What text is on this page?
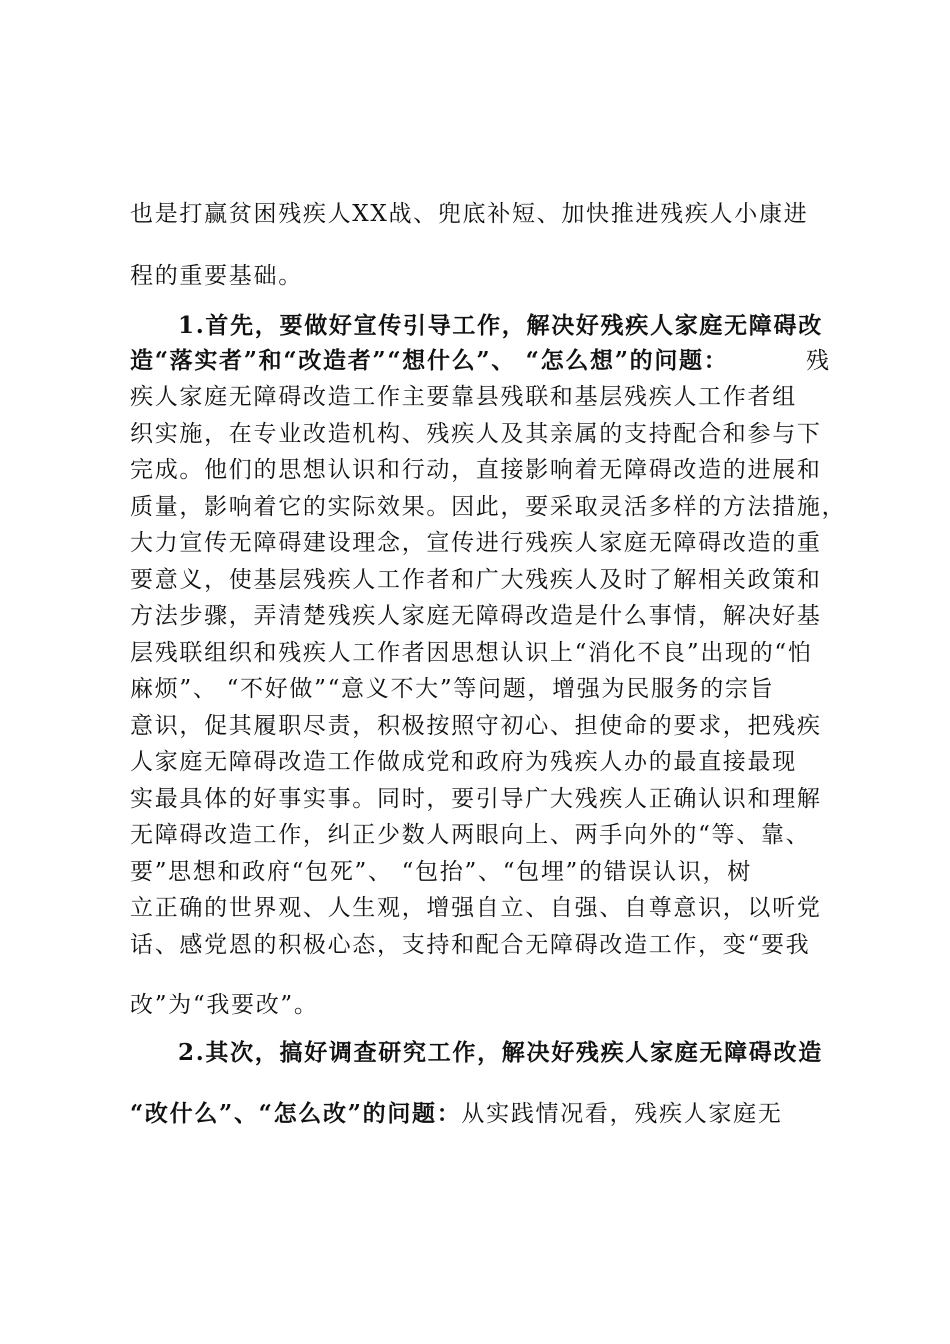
也是打赢贫困残疾人XX战、兜底补短、加快推进残疾人小康进
程的重要基础。
1.首先，要做好宣传引导工作，解决好残疾人家庭无障碍改
造“落实者”和“改造者”“想什么”、 “怎么想”的问题：	残
疾人家庭无障碍改造工作主要靠县残联和基层残疾人工作者组
织实施，在专业改造机构、残疾人及其亲属的支持配合和参与下
完成。他们的思想认识和行动，直接影响着无障碍改造的进展和
质量，影响着它的实际效果。因此，要采取灵活多样的方法措施，
大力宣传无障碍建设理念，宣传进行残疾人家庭无障碍改造的重
要意义，使基层残疾人工作者和广大残疾人及时了解相关政策和
方法步骤，弄清楚残疾人家庭无障碍改造是什么事情，解决好基
层残联组织和残疾人工作者因思想认识上“消化不良”出现的“怕
麻烦”、 “不好做”“意义不大”等问题，增强为民服务的宗旨
意识，促其履职尽责，积极按照守初心、担使命的要求，把残疾
人家庭无障碍改造工作做成党和政府为残疾人办的最直接最现
实最具体的好事实事。同时，要引导广大残疾人正确认识和理解
无障碍改造工作，纠正少数人两眼向上、两手向外的“等、靠、
要”思想和政府“包死”、 “包抬”、“包埋”的错误认识，树
立正确的世界观、人生观，增强自立、自强、自尊意识，以听党
话、感党恩的积极心态，支持和配合无障碍改造工作，变“要我
改”为“我要改”。
2.其次，搞好调查研究工作，解决好残疾人家庭无障碍改造
“改什么”、“怎么改”的问题：从实践情况看，残疾人家庭无
